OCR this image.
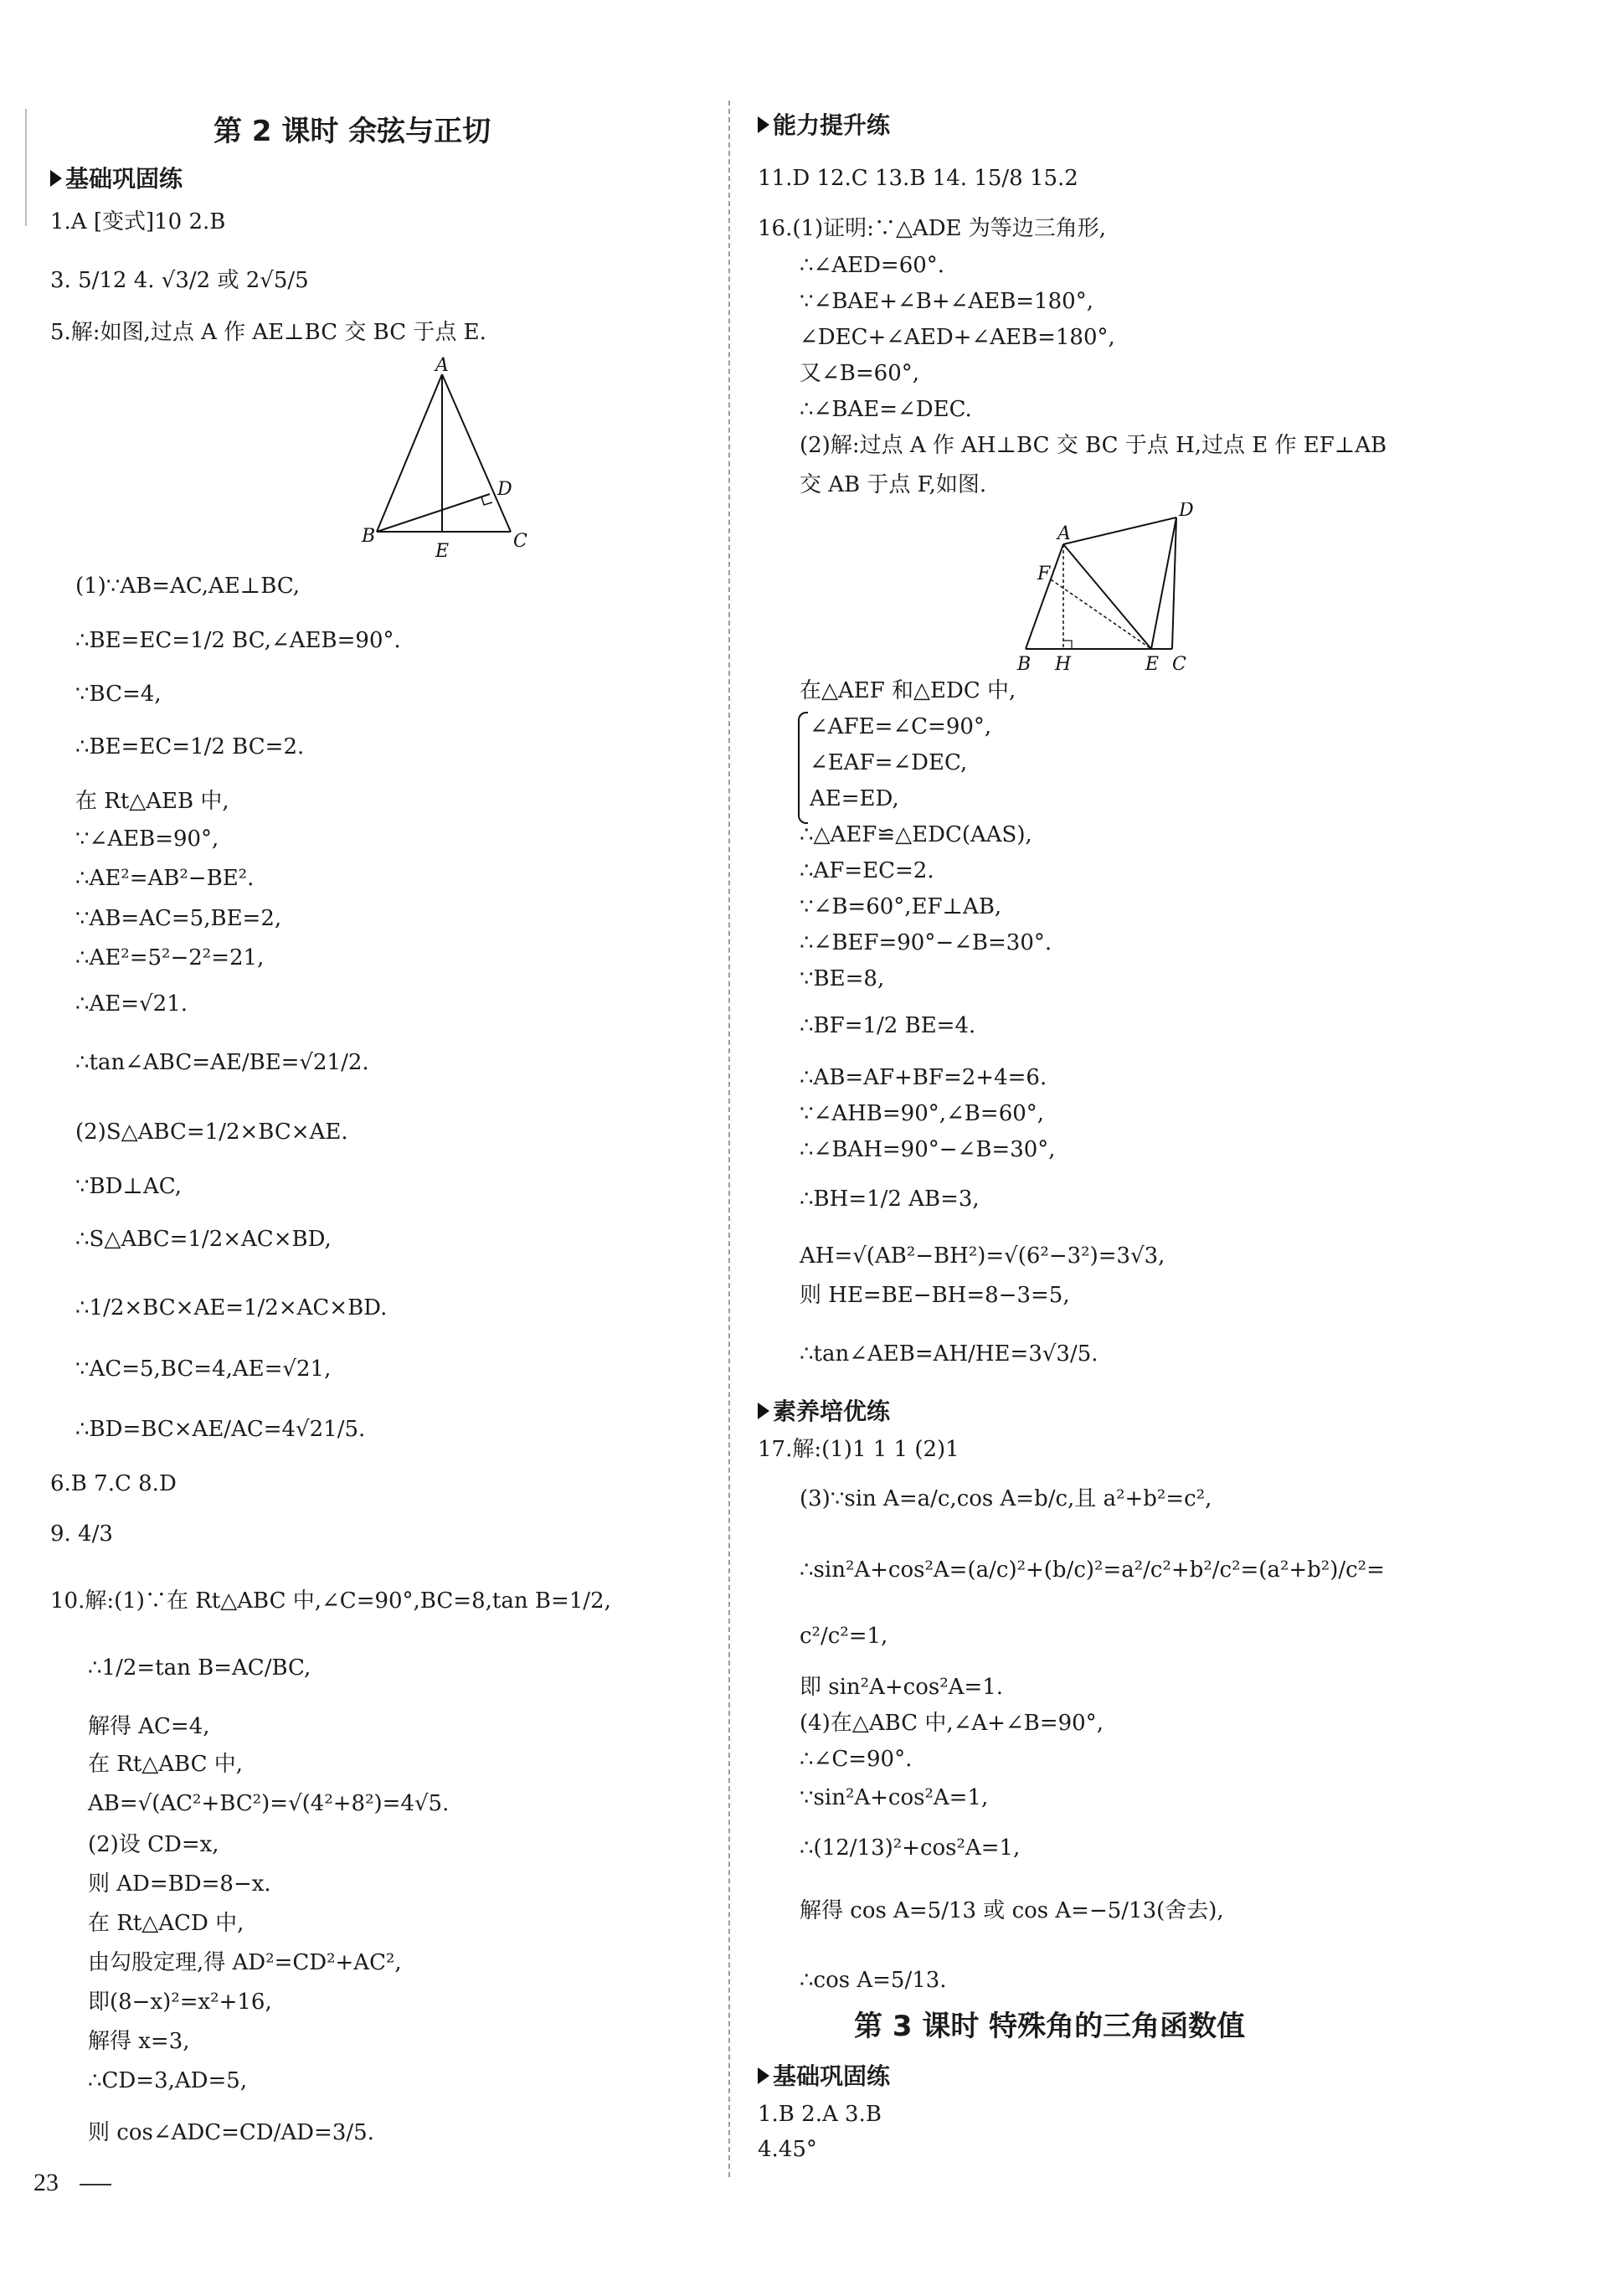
第 2 课时 余弦与正切
基础巩固练
1.A [变式]10 2.B
3. 5/12 4. √3/2 或 2√5/5
5.解:如图,过点 A 作 AE⊥BC 交 BC 于点 E.
A
B	C
D
E
(1)∵AB=AC,AE⊥BC,
∴BE=EC=1/2 BC,∠AEB=90°.
∵BC=4,
∴BE=EC=1/2 BC=2.
在 Rt△AEB 中,
∵∠AEB=90°,
∴AE²=AB²−BE².
∵AB=AC=5,BE=2,
∴AE²=5²−2²=21,
∴AE=√21.
∴tan∠ABC=AE/BE=√21/2.
(2)S△ABC=1/2×BC×AE.
∵BD⊥AC,
∴S△ABC=1/2×AC×BD,
∴1/2×BC×AE=1/2×AC×BD.
∵AC=5,BC=4,AE=√21,
∴BD=BC×AE/AC=4√21/5.
6.B 7.C 8.D
9. 4/3
10.解:(1)∵在 Rt△ABC 中,∠C=90°,BC=8,tan B=1/2,
∴1/2=tan B=AC/BC,
解得 AC=4,
在 Rt△ABC 中,
AB=√(AC²+BC²)=√(4²+8²)=4√5.
(2)设 CD=x,
则 AD=BD=8−x.
在 Rt△ACD 中,
由勾股定理,得 AD²=CD²+AC²,
即(8−x)²=x²+16,
解得 x=3,
∴CD=3,AD=5,
则 cos∠ADC=CD/AD=3/5.
能力提升练
11.D 12.C 13.B 14. 15/8 15.2
16.(1)证明:∵△ADE 为等边三角形,
∴∠AED=60°.
∵∠BAE+∠B+∠AEB=180°,
∠DEC+∠AED+∠AEB=180°,
又∠B=60°,
∴∠BAE=∠DEC.
(2)解:过点 A 作 AH⊥BC 交 BC 于点 H,过点 E 作 EF⊥AB
交 AB 于点 F,如图.
A
B	C
D
E
F
H
在△AEF 和△EDC 中,
∠AFE=∠C=90°,
∠EAF=∠DEC,
AE=ED,
∴△AEF≌△EDC(AAS),
∴AF=EC=2.
∵∠B=60°,EF⊥AB,
∴∠BEF=90°−∠B=30°.
∵BE=8,
∴BF=1/2 BE=4.
∴AB=AF+BF=2+4=6.
∵∠AHB=90°,∠B=60°,
∴∠BAH=90°−∠B=30°,
∴BH=1/2 AB=3,
AH=√(AB²−BH²)=√(6²−3²)=3√3,
则 HE=BE−BH=8−3=5,
∴tan∠AEB=AH/HE=3√3/5.
素养培优练
17.解:(1)1 1 1 (2)1
(3)∵sin A=a/c,cos A=b/c,且 a²+b²=c²,
∴sin²A+cos²A=(a/c)²+(b/c)²=a²/c²+b²/c²=(a²+b²)/c²=
c²/c²=1,
即 sin²A+cos²A=1.
(4)在△ABC 中,∠A+∠B=90°,
∴∠C=90°.
∵sin²A+cos²A=1,
∴(12/13)²+cos²A=1,
解得 cos A=5/13 或 cos A=−5/13(舍去),
∴cos A=5/13.
第 3 课时 特殊角的三角函数值
基础巩固练
1.B 2.A 3.B
4.45°
23
